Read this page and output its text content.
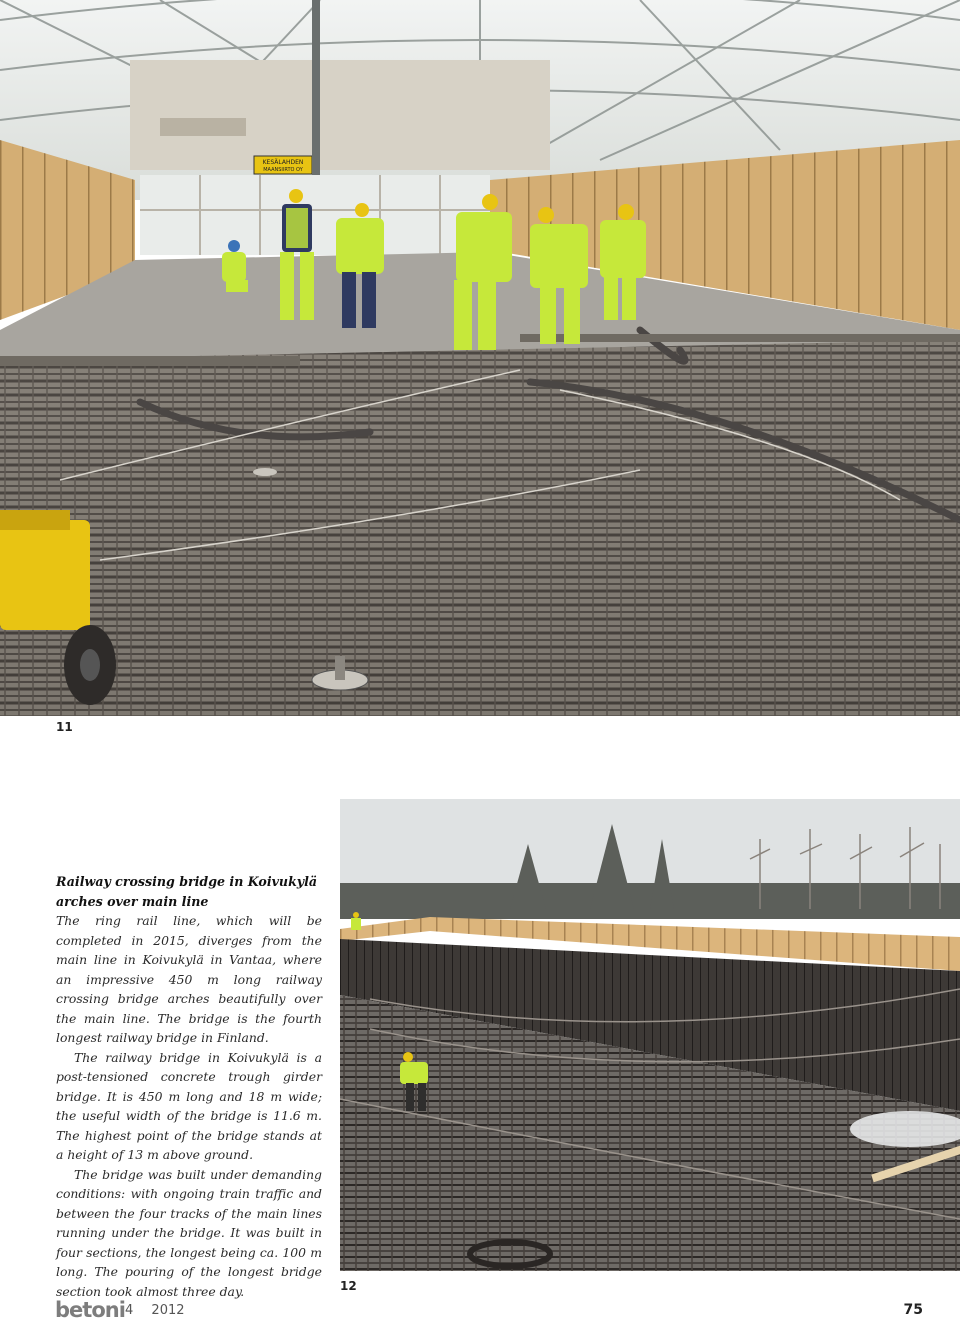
KESÄLAHDEN
MAANSIIRTO OY
11
Railway crossing bridge in Koivukylä
arches over main line

The ring rail line, which will be completed in 2015, diverges from the main line in Koivukylä in Vantaa, where an impressive 450 m long railway crossing bridge arches beautifully over the main line. The bridge is the fourth longest railway bridge in Finland.

The railway bridge in Koivukylä is a post-tensioned concrete trough girder bridge. It is 450 m long and 18 m wide; the useful width of the bridge is 11.6 m. The highest point of the bridge stands at a height of 13 m above ground.

The bridge was built under demanding conditions: with ongoing train traffic and between the four tracks of the main lines running under the bridge. It was built in four sections, the longest being ca. 100 m long. The pouring of the longest bridge section took almost three day.	12
betoni 4 2012	75
